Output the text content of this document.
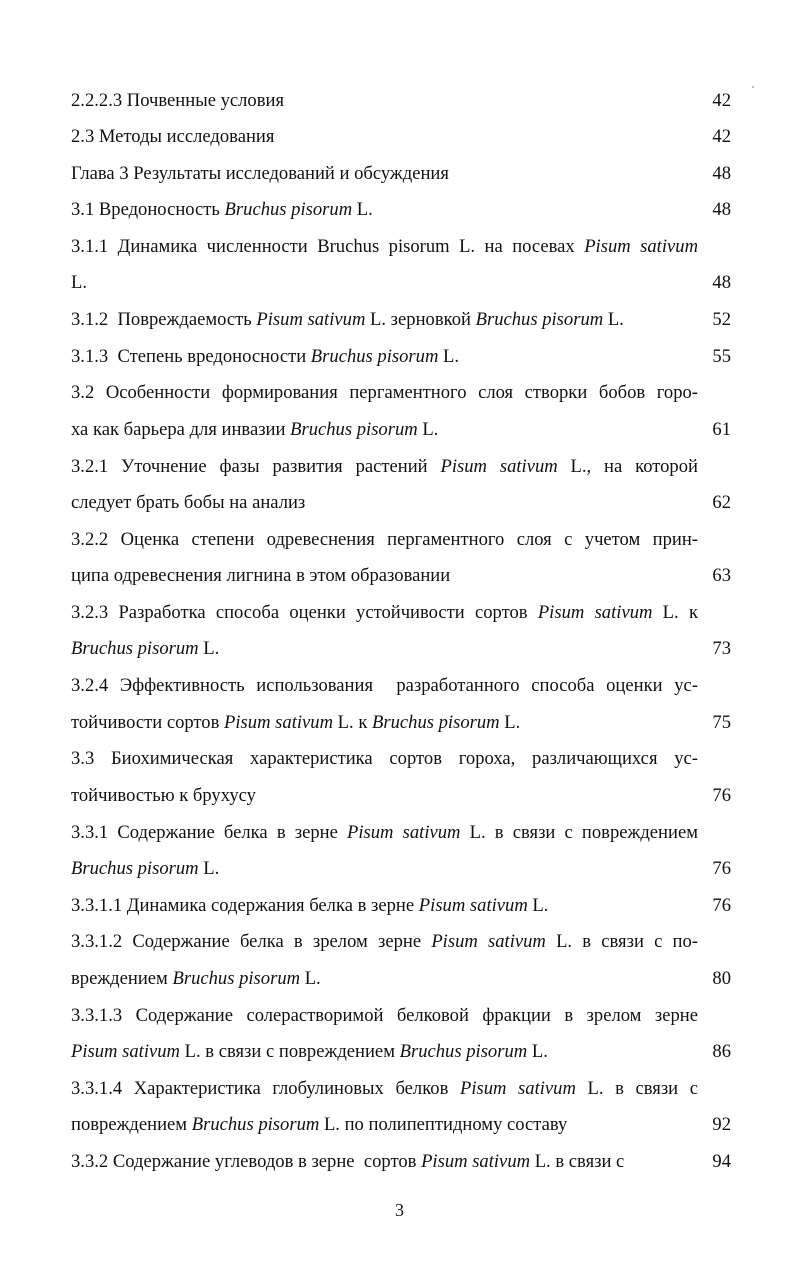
2.2.2.3 Почвенные условия	42
2.3 Методы исследования	42
Глава 3 Результаты исследований и обсуждения	48
3.1 Вредоносность Bruchus pisorum L.	48
3.1.1 Динамика численности Bruchus pisorum L. на посевах Pisum sativum
L.	48
3.1.2  Повреждаемость Pisum sativum L. зерновкой Bruchus pisorum L.	52
3.1.3  Степень вредоносности Bruchus pisorum L.	55
3.2 Особенности формирования пергаментного слоя створки бобов горо-
ха как барьера для инвазии Bruchus pisorum L.	61
3.2.1 Уточнение фазы развития растений Pisum sativum L., на которой
следует брать бобы на анализ	62
3.2.2 Оценка степени одревеснения пергаментного слоя с учетом прин-
ципа одревеснения лигнина в этом образовании	63
3.2.3 Разработка способа оценки устойчивости сортов Pisum sativum L. к
Bruchus pisorum L.	73
3.2.4 Эффективность использования  разработанного способа оценки ус-
тойчивости сортов Pisum sativum L. к Bruchus pisorum L.	75
3.3 Биохимическая характеристика сортов гороха, различающихся ус-
тойчивостью к брухусу	76
3.3.1 Содержание белка в зерне Pisum sativum L. в связи с повреждением
Bruchus pisorum L.	76
3.3.1.1 Динамика содержания белка в зерне Pisum sativum L.	76
3.3.1.2 Содержание белка в зрелом зерне Pisum sativum L. в связи с по-
вреждением Bruchus pisorum L.	80
3.3.1.3 Содержание солерастворимой белковой фракции в зрелом зерне
Pisum sativum L. в связи с повреждением Bruchus pisorum L.	86
3.3.1.4 Характеристика глобулиновых белков Pisum sativum L. в связи с
повреждением Bruchus pisorum L. по полипептидному составу	92
3.3.2 Содержание углеводов в зерне  сортов Pisum sativum L. в связи с	94
3
